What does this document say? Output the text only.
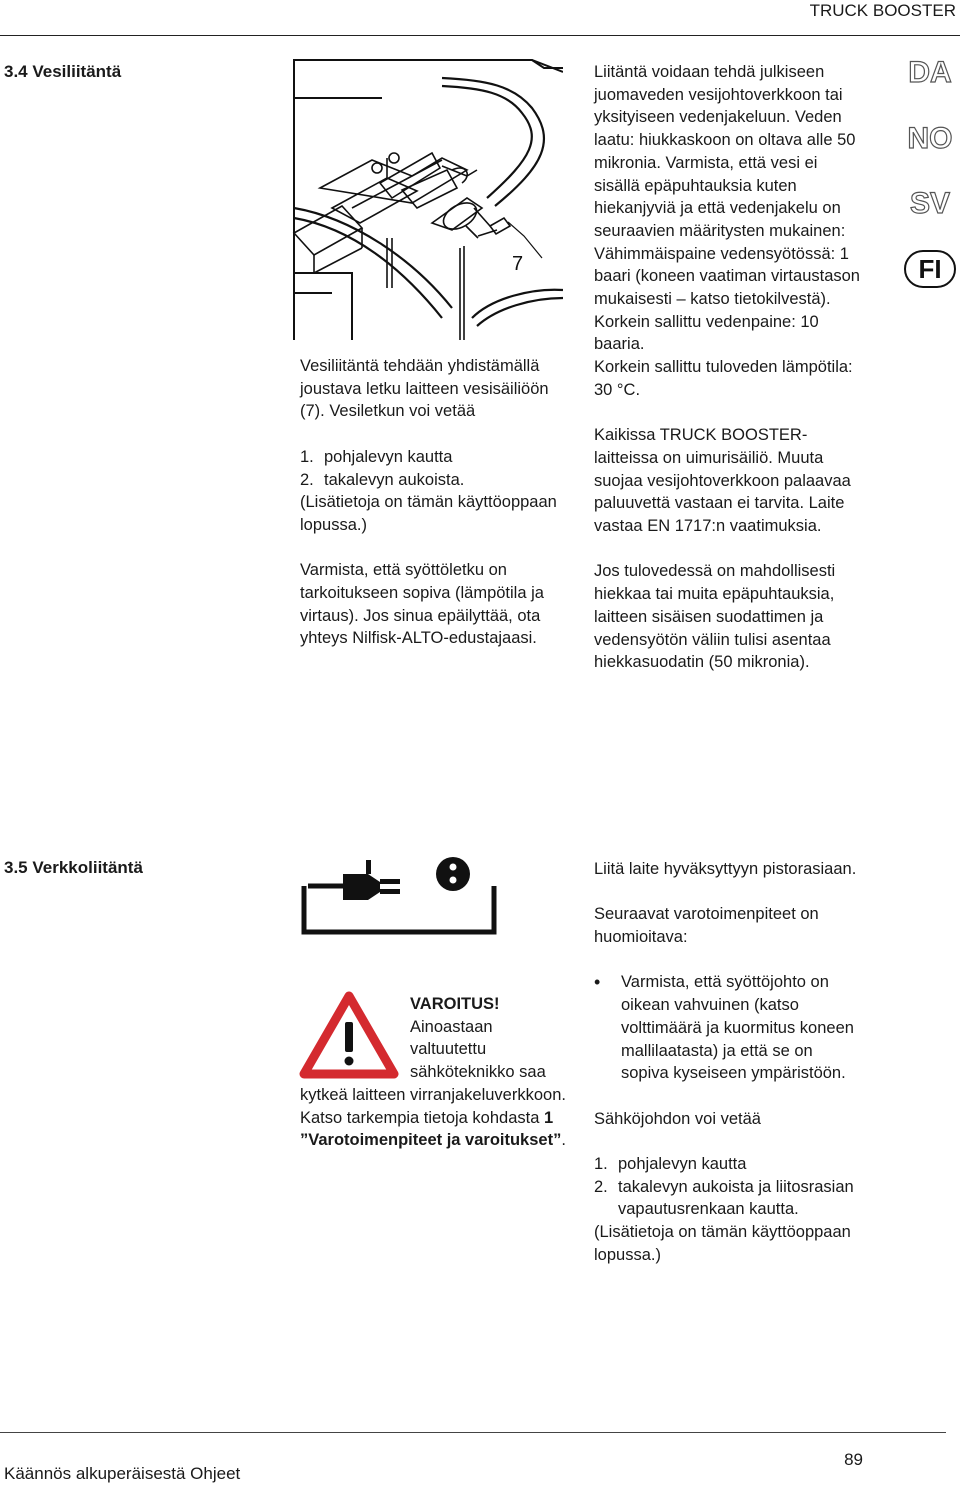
TRUCK BOOSTER
DA
NO
SV
FI
3.4 Vesiliitäntä
7

Vesiliitäntä tehdään yhdistämällä joustava letku laitteen vesisäiliöön (7). Vesiletkun voi vetää

1. pohjalevyn kautta
2. takalevyn aukoista.

(Lisätietoja on tämän käyttöoppaan lopussa.)

Varmista, että syöttöletku on tarkoitukseen sopiva (lämpötila ja virtaus). Jos sinua epäilyttää, ota yhteys Nilfisk-ALTO-edustajaasi.

Liitäntä voidaan tehdä julkiseen juomaveden vesijohtoverkkoon tai yksityiseen vedenjakeluun. Veden laatu: hiukkaskoon on oltava alle 50 mikronia. Varmista, että vesi ei sisällä epäpuhtauksia kuten hiekanjyviä ja että vedenjakelu on seuraavien määritysten mukainen: Vähimmäispaine vedensyötössä: 1 baari (koneen vaatiman virtaustason mukaisesti – katso tietokilvestä).

Korkein sallittu vedenpaine: 10 baaria.

Korkein sallittu tuloveden lämpötila: 30 °C.

Kaikissa TRUCK BOOSTER-laitteissa on uimurisäiliö. Muuta suojaa vesijohtoverkkoon palaavaa paluuvettä vastaan ei tarvita. Laite vastaa EN 1717:n vaatimuksia.

Jos tulovedessä on mahdollisesti hiekkaa tai muita epäpuhtauksia, laitteen sisäisen suodattimen ja vedensyötön väliin tulisi asentaa hiekkasuodatin (50 mikronia).

3.5 Verkkoliitäntä
VAROITUS! Ainoastaan valtuutettu sähköteknikko saa kytkeä laitteen virranjakeluverkkoon. Katso tarkempia tietoja kohdasta 1 ”Varotoimenpiteet ja varoitukset”.

Liitä laite hyväksyttyyn pistorasiaan.

Seuraavat varotoimenpiteet on huomioitava:

•	Varmista, että syöttöjohto on oikean vahvuinen (katso volttimäärä ja kuormitus koneen mallilaatasta) ja että se on sopiva kyseiseen ympäristöön.

Sähköjohdon voi vetää

1. pohjalevyn kautta
2. takalevyn aukoista ja liitosrasian vapautusrenkaan kautta.

(Lisätietoja on tämän käyttöoppaan lopussa.)

89
Käännös alkuperäisestä Ohjeet
